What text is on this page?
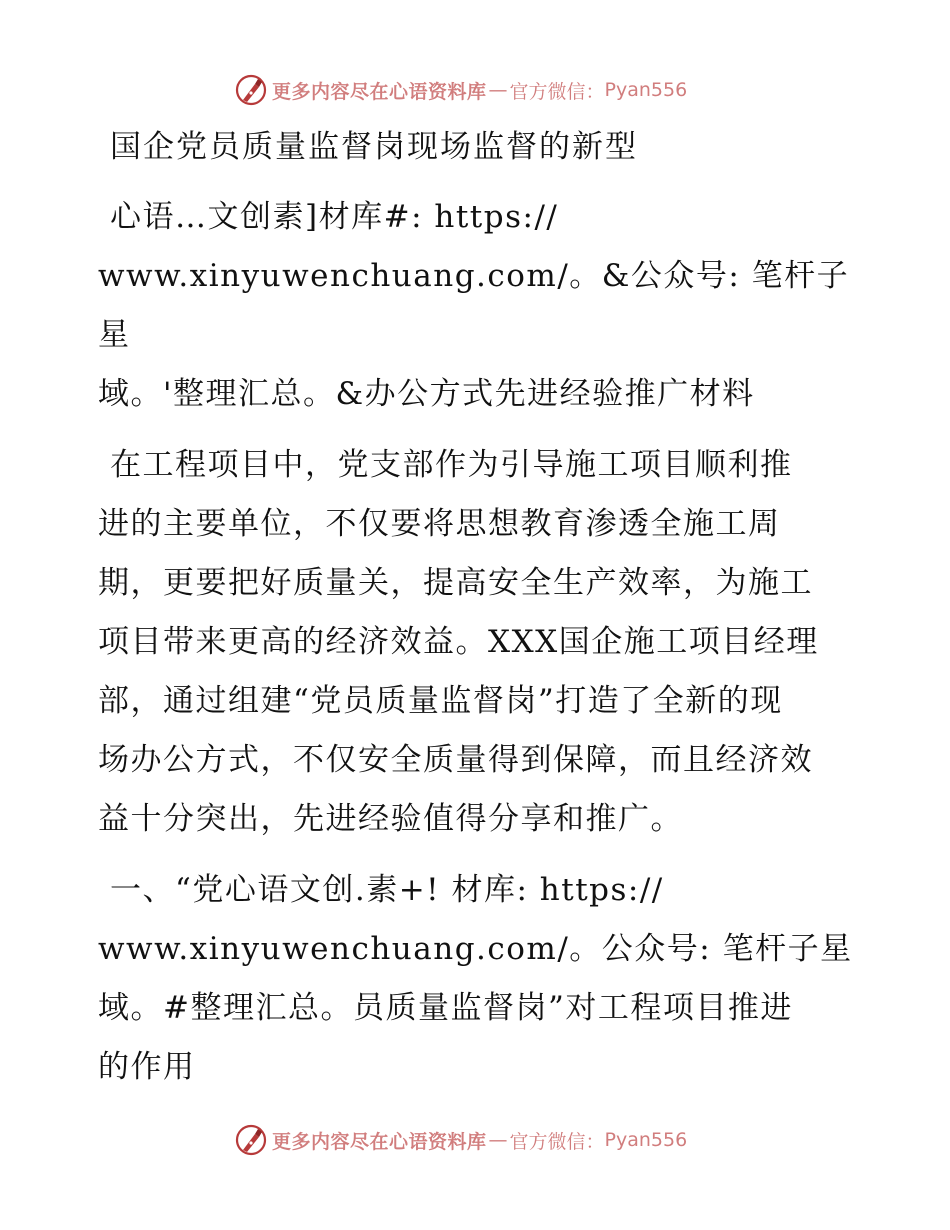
更多内容尽在心语资料库 — 官方微信： Pyan556
国企党员质量监督岗现场监督的新型
心语…文创素]材库#: https://
www.xinyuwenchuang.com/。&公众号: 笔杆子星
域。'整理汇总。&办公方式先进经验推广材料
在工程项目中，党支部作为引导施工项目顺利推
进的主要单位，不仅要将思想教育渗透全施工周
期，更要把好质量关，提高安全生产效率，为施工
项目带来更高的经济效益。XXX国企施工项目经理
部，通过组建“党员质量监督岗”打造了全新的现
场办公方式，不仅安全质量得到保障，而且经济效
益十分突出，先进经验值得分享和推广。
一、“党心语文创.素+! 材库: https://
www.xinyuwenchuang.com/。公众号: 笔杆子星
域。#整理汇总。员质量监督岗”对工程项目推进
的作用
更多内容尽在心语资料库 — 官方微信： Pyan556
